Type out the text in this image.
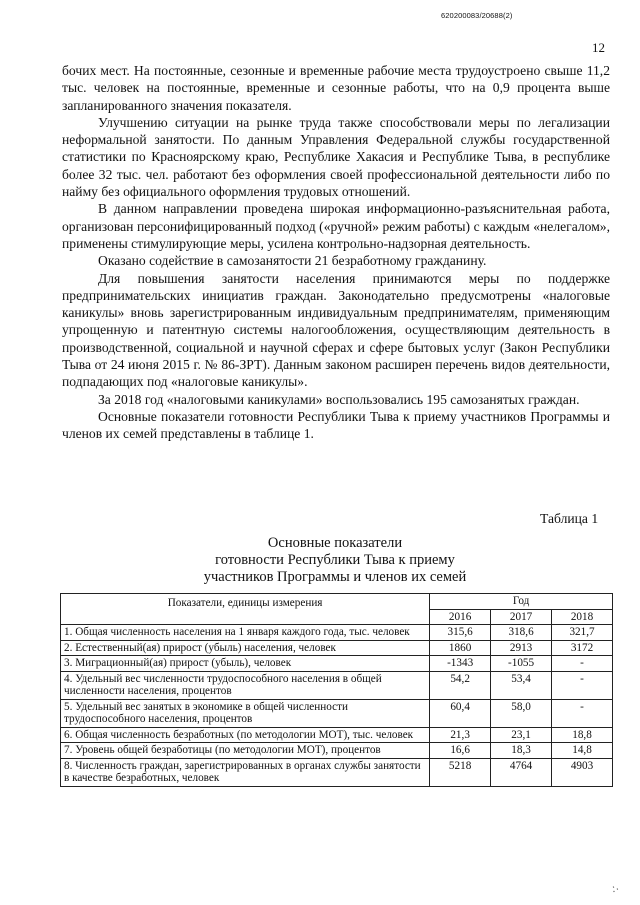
620200083/20688(2)
12

бочих мест. На постоянные, сезонные и временные рабочие места трудоустроено свыше 11,2 тыс. человек на постоянные, временные и сезонные работы, что на 0,9 процента выше запланированного значения показателя.

Улучшению ситуации на рынке труда также способствовали меры по легализации неформальной занятости. По данным Управления Федеральной службы государственной статистики по Красноярскому краю, Республике Хакасия и Республике Тыва, в республике более 32 тыс. чел. работают без оформления своей профессиональной деятельности либо по найму без официального оформления трудовых отношений.

В данном направлении проведена широкая информационно-разъяснительная работа, организован персонифицированный подход («ручной» режим работы) с каждым «нелегалом», применены стимулирующие меры, усилена контрольно-надзорная деятельность.

Оказано содействие в самозанятости 21 безработному гражданину.

Для повышения занятости населения принимаются меры по поддержке предпринимательских инициатив граждан. Законодательно предусмотрены «налоговые каникулы» вновь зарегистрированным индивидуальным предпринимателям, применяющим упрощенную и патентную системы налогообложения, осуществляющим деятельность в производственной, социальной и научной сферах и сфере бытовых услуг (Закон Республики Тыва от 24 июня 2015 г. № 86-ЗРТ). Данным законом расширен перечень видов деятельности, подпадающих под «налоговые каникулы».

За 2018 год «налоговыми каникулами» воспользовались 195 самозанятых граждан.

Основные показатели готовности Республики Тыва к приему участников Программы и членов их семей представлены в таблице 1.

Таблица 1
Основные показатели
готовности Республики Тыва к приему
участников Программы и членов их семей
Показатели, единицы измерения	Год		
	2016	2017	2018
1. Общая численность населения на 1 января каждого года, тыс. человек	315,6	318,6	321,7
2. Естественный(ая) прирост (убыль) населения, человек	1860	2913	3172
3. Миграционный(ая) прирост (убыль), человек	-1343	-1055	-
4. Удельный вес численности трудоспособного населения в общей численности населения, процентов	54,2	53,4	-
5. Удельный вес занятых в экономике в общей численности трудоспособного населения, процентов	60,4	58,0	-
6. Общая численность безработных (по методологии МОТ), тыс. человек	21,3	23,1	18,8
7. Уровень общей безработицы (по методологии МОТ), процентов	16,6	18,3	14,8
8. Численность граждан, зарегистрированных в органах службы занятости в качестве безработных, человек	5218	4764	4903
∴
